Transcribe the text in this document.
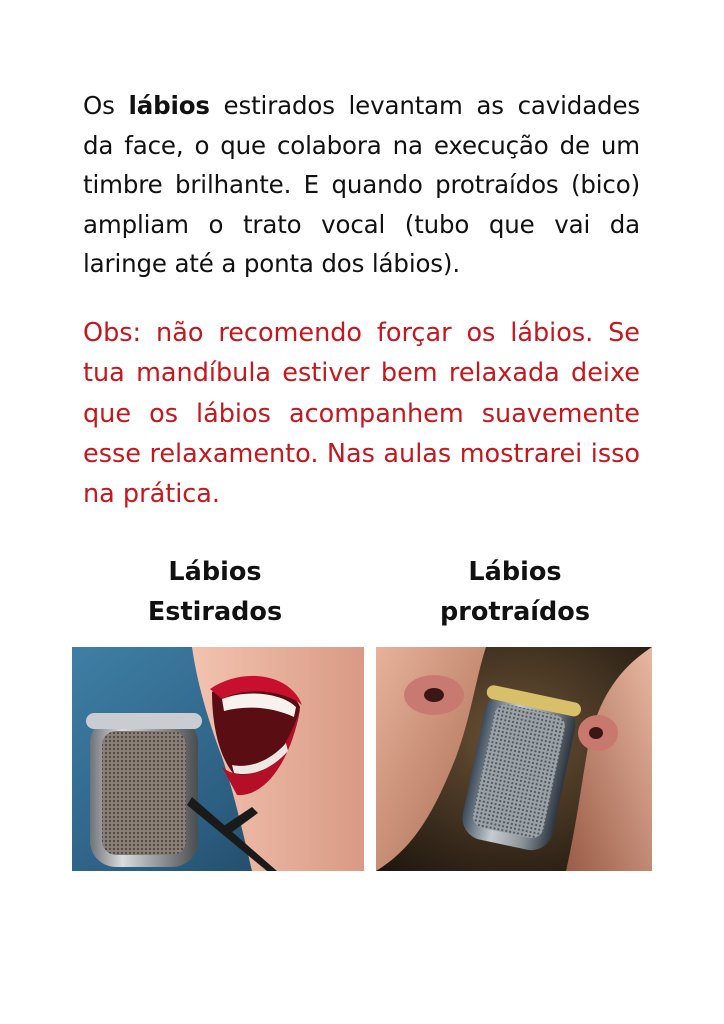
Os lábios estirados levantam as cavidades da face, o que colabora na execução de um timbre brilhante. E quando protraídos (bico) ampliam o trato vocal (tubo que vai da laringe até a ponta dos lábios).

Obs: não recomendo forçar os lábios. Se tua mandíbula estiver bem relaxada deixe que os lábios acompanhem suavemente esse relaxamento. Nas aulas mostrarei isso na prática.

Lábios
Estirados
Lábios
protraídos
